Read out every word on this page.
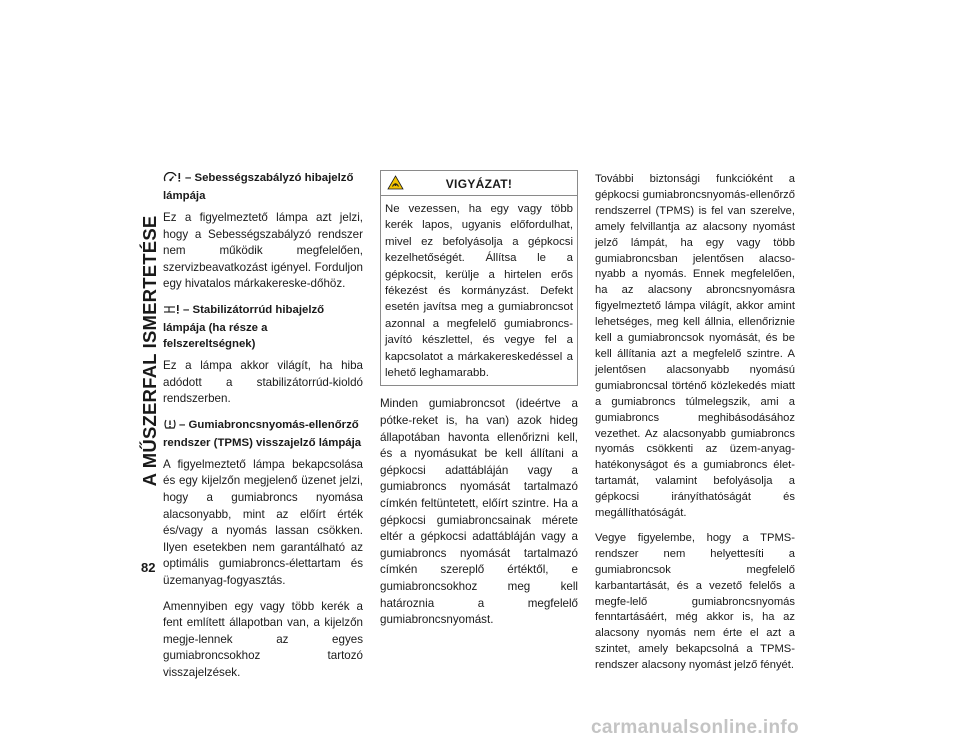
A MŰSZERFAL ISMERTETÉSE
82
– Sebességszabályzó hibajelző lámpája

Ez a figyelmeztető lámpa azt jelzi, hogy a Sebességszabályzó rendszer nem működik megfelelően, szervizbeavatkozást igényel. Forduljon egy hivatalos márkakereske-dőhöz.

– Stabilizátorrúd hibajelző lámpája (ha része a felszereltségnek)

Ez a lámpa akkor világít, ha hiba adódott a stabilizátorrúd-kioldó rendszerben.

– Gumiabroncsnyomás-ellenőrző rendszer (TPMS) visszajelző lámpája

A figyelmeztető lámpa bekapcsolása és egy kijelzőn megjelenő üzenet jelzi, hogy a gumiabroncs nyomása alacsonyabb, mint az előírt érték és/vagy a nyomás lassan csökken. Ilyen esetekben nem garantálható az optimális gumiabroncs-élettartam és üzemanyag-fogyasztás.

Amennyiben egy vagy több kerék a fent említett állapotban van, a kijelzőn megje-lennek az egyes gumiabroncsokhoz tartozó visszajelzések.

VIGYÁZAT!
Ne vezessen, ha egy vagy több kerék lapos, ugyanis előfordulhat, mivel ez befolyásolja a gépkocsi kezelhetőségét. Állítsa le a gépkocsit, kerülje a hirtelen erős fékezést és kormányzást. Defekt esetén javítsa meg a gumiabroncsot azonnal a megfelelő gumiabroncs-javító készlettel, és vegye fel a kapcsolatot a márkakereskedéssel a lehető leghamarabb.

Minden gumiabroncsot (ideértve a pótke-reket is, ha van) azok hideg állapotában havonta ellenőrizni kell, és a nyomásukat be kell állítani a gépkocsi adattábláján vagy a gumiabroncs nyomását tartalmazó címkén feltüntetett, előírt szintre. Ha a gépkocsi gumiabroncsainak mérete eltér a gépkocsi adattábláján vagy a gumiabroncs nyomását tartalmazó címkén szereplő értéktől, e gumiabroncsokhoz meg kell határoznia a megfelelő gumiabroncsnyomást.

További biztonsági funkcióként a gépkocsi gumiabroncsnyomás-ellenőrző rendszerrel (TPMS) is fel van szerelve, amely felvillantja az alacsony nyomást jelző lámpát, ha egy vagy több gumiabroncsban jelentősen alacso-nyabb a nyomás. Ennek megfelelően, ha az alacsony abroncsnyomásra figyelmeztető lámpa világít, akkor amint lehetséges, meg kell állnia, ellenőriznie kell a gumiabroncsok nyomását, és be kell állítania azt a megfelelő szintre. A jelentősen alacsonyabb nyomású gumiabroncsal történő közlekedés miatt a gumiabroncs túlmelegszik, ami a gumiabroncs meghibásodásához vezethet. Az alacsonyabb gumiabroncs nyomás csökkenti az üzem-anyag-hatékonyságot és a gumiabroncs élet-tartamát, valamint befolyásolja a gépkocsi irányíthatóságát és megállíthatóságát.

Vegye figyelembe, hogy a TPMS-rendszer nem helyettesíti a gumiabroncsok megfelelő karbantartását, és a vezető felelős a megfe-lelő gumiabroncsnyomás fenntartásáért, még akkor is, ha az alacsony nyomás nem érte el azt a szintet, amely bekapcsolná a TPMS-rendszer alacsony nyomást jelző fényét.

carmanualsonline.info
